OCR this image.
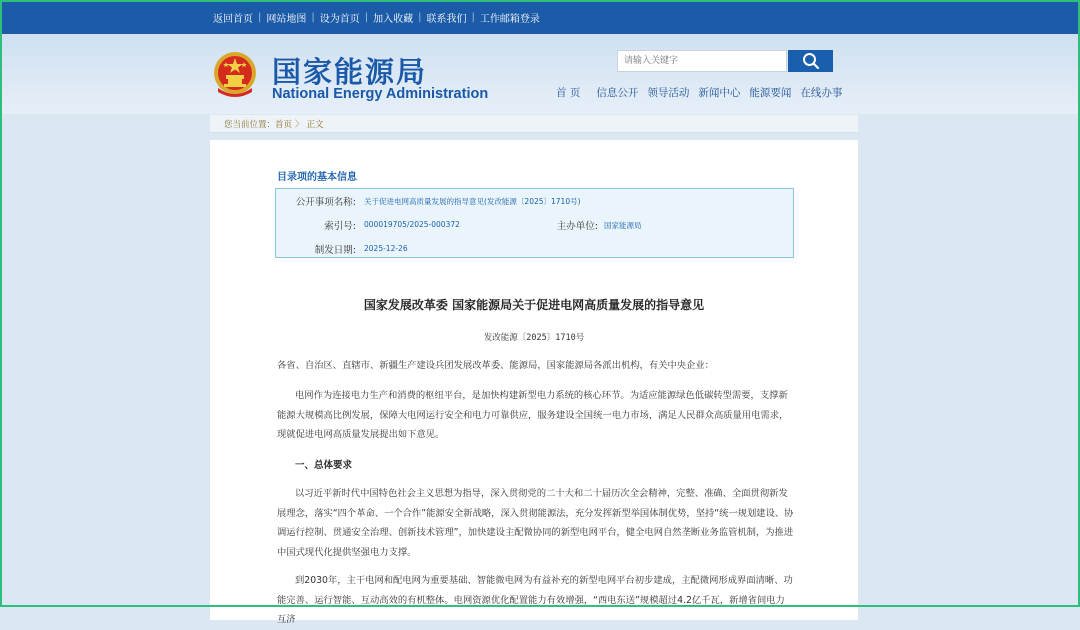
返回首页 | 网站地图 | 设为首页 | 加入收藏 | 联系我们 | 工作邮箱登录
国家能源局
National Energy Administration
请输入关键字	首 页 信息公开 领导活动 新闻中心 能源要闻 在线办事
您当前位置： 首页 〉 正文
目录项的基本信息
公开事项名称: 关于促进电网高质量发展的指导意见(发改能源〔2025〕1710号)
索引号: 000019705/2025-000372	主办单位: 国家能源局
制发日期: 2025-12-26
国家发展改革委 国家能源局关于促进电网高质量发展的指导意见
发改能源〔2025〕1710号
各省、自治区、直辖市、新疆生产建设兵团发展改革委、能源局，国家能源局各派出机构，有关中央企业：
电网作为连接电力生产和消费的枢纽平台，是加快构建新型电力系统的核心环节。为适应能源绿色低碳转型需要，支撑新能源大规模高比例发展，保障大电网运行安全和电力可靠供应，服务建设全国统一电力市场，满足人民群众高质量用电需求，现就促进电网高质量发展提出如下意见。
一、总体要求
以习近平新时代中国特色社会主义思想为指导，深入贯彻党的二十大和二十届历次全会精神，完整、准确、全面贯彻新发展理念，落实“四个革命、一个合作”能源安全新战略，深入贯彻能源法，充分发挥新型举国体制优势，坚持“统一规划建设、协调运行控制、贯通安全治理、创新技术管理”，加快建设主配微协同的新型电网平台，健全电网自然垄断业务监管机制，为推进中国式现代化提供坚强电力支撑。
到2030年，主干电网和配电网为重要基础、智能微电网为有益补充的新型电网平台初步建成，主配微网形成界面清晰、功能完善、运行智能、互动高效的有机整体。电网资源优化配置能力有效增强，“西电东送”规模超过4.2亿千瓦，新增省间电力互济
